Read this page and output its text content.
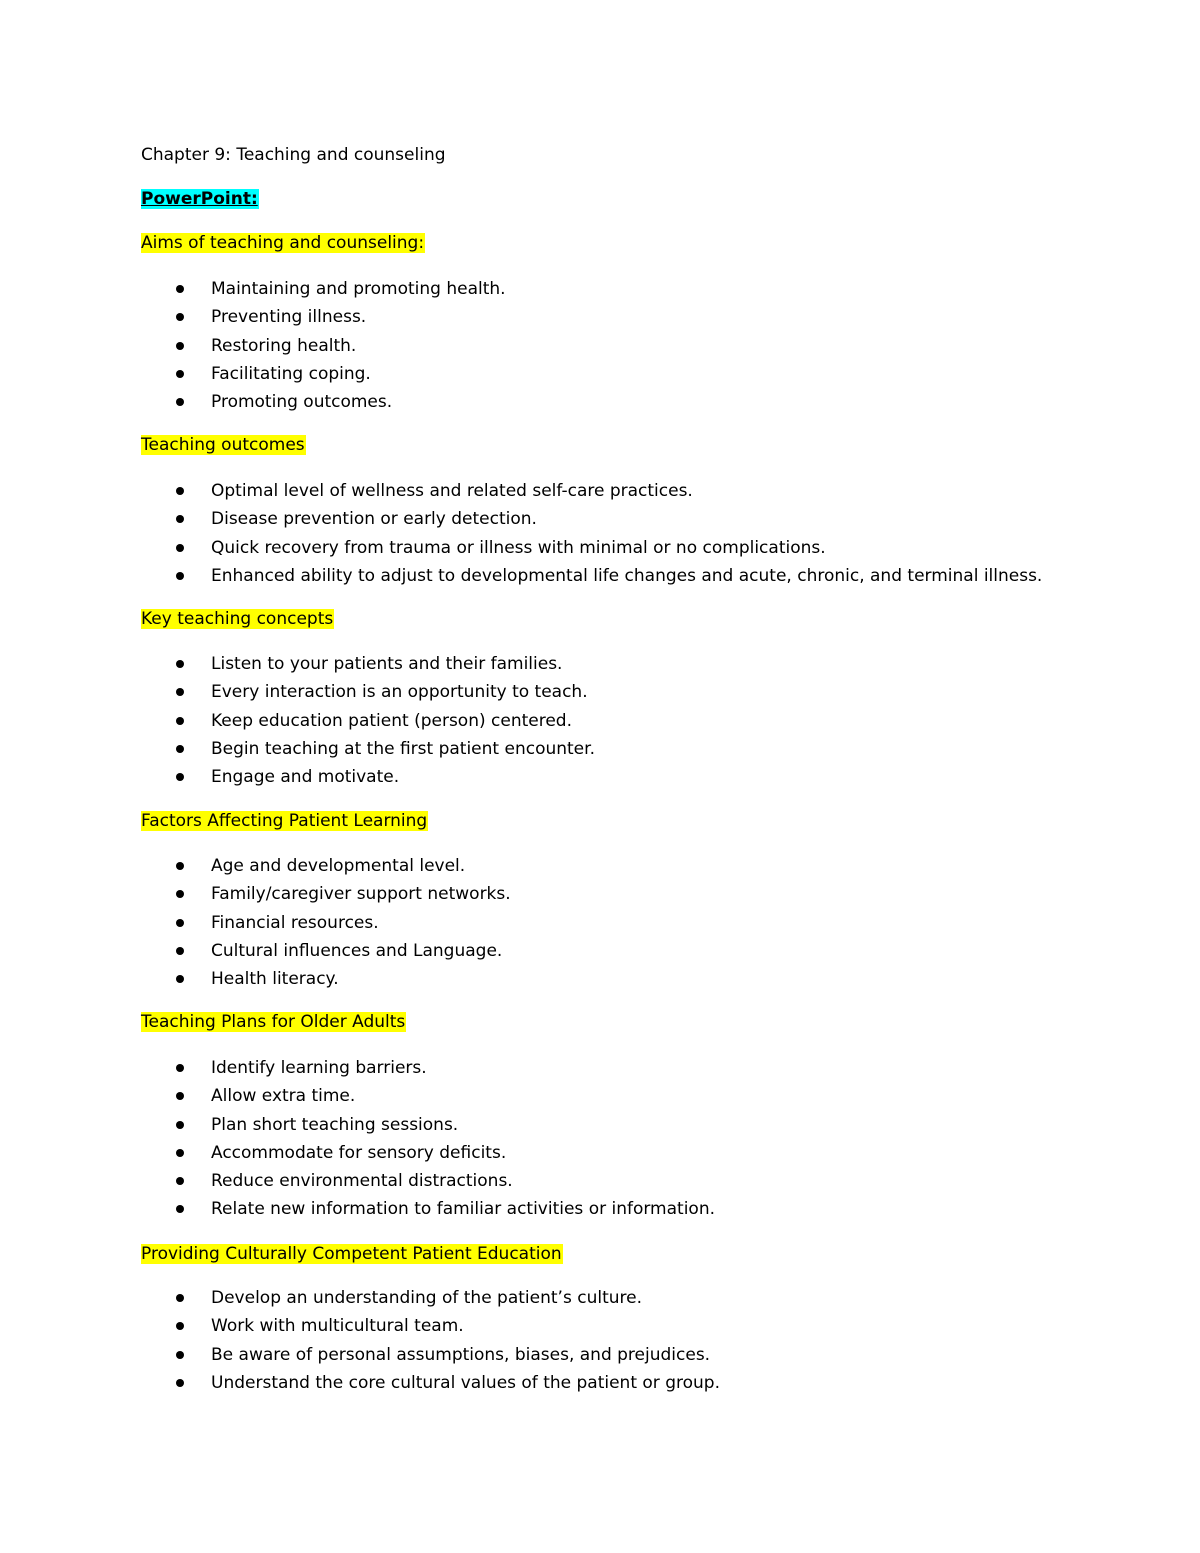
Chapter 9: Teaching and counseling
PowerPoint:
Aims of teaching and counseling:
Maintaining and promoting health.
Preventing illness.
Restoring health.
Facilitating coping.
Promoting outcomes.
Teaching outcomes
Optimal level of wellness and related self-care practices.
Disease prevention or early detection.
Quick recovery from trauma or illness with minimal or no complications.
Enhanced ability to adjust to developmental life changes and acute, chronic, and terminal illness.
Key teaching concepts
Listen to your patients and their families.
Every interaction is an opportunity to teach.
Keep education patient (person) centered.
Begin teaching at the first patient encounter.
Engage and motivate.
Factors Affecting Patient Learning
Age and developmental level.
Family/caregiver support networks.
Financial resources.
Cultural influences and Language.
Health literacy.
Teaching Plans for Older Adults
Identify learning barriers.
Allow extra time.
Plan short teaching sessions.
Accommodate for sensory deficits.
Reduce environmental distractions.
Relate new information to familiar activities or information.
Providing Culturally Competent Patient Education
Develop an understanding of the patient’s culture.
Work with multicultural team.
Be aware of personal assumptions, biases, and prejudices.
Understand the core cultural values of the patient or group.
